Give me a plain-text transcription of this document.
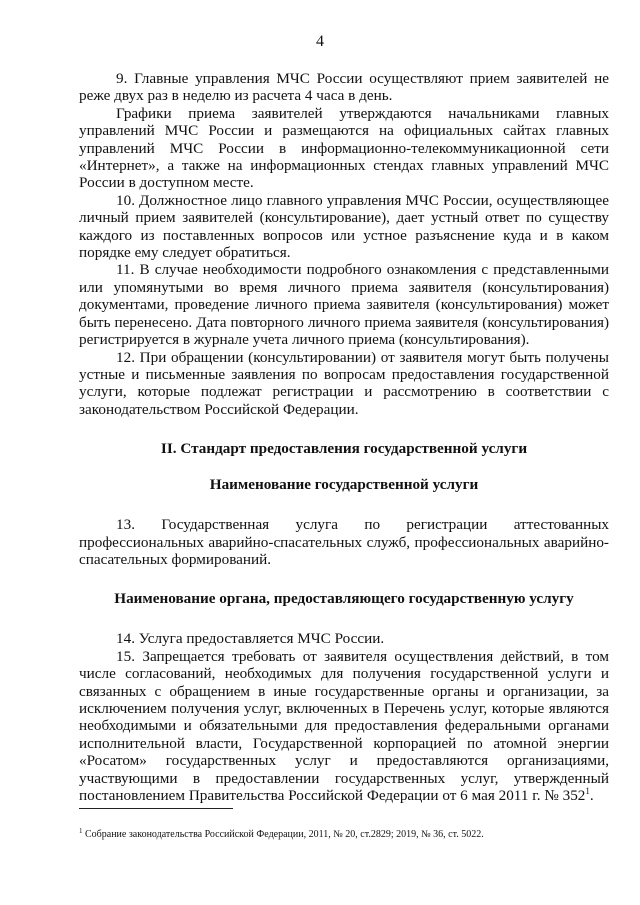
4

9. Главные управления МЧС России осуществляют прием заявителей не реже двух раз в неделю из расчета 4 часа в день.

Графики приема заявителей утверждаются начальниками главных управлений МЧС России и размещаются на официальных сайтах главных управлений МЧС России в информационно-телекоммуникационной сети «Интернет», а также на информационных стендах главных управлений МЧС России в доступном месте.

10. Должностное лицо главного управления МЧС России, осуществляющее личный прием заявителей (консультирование), дает устный ответ по существу каждого из поставленных вопросов или устное разъяснение куда и в каком порядке ему следует обратиться.

11. В случае необходимости подробного ознакомления с представленными или упомянутыми во время личного приема заявителя (консультирования) документами, проведение личного приема заявителя (консультирования) может быть перенесено. Дата повторного личного приема заявителя (консультирования) регистрируется в журнале учета личного приема (консультирования).

12. При обращении (консультировании) от заявителя могут быть получены устные и письменные заявления по вопросам предоставления государственной услуги, которые подлежат регистрации и рассмотрению в соответствии с законодательством Российской Федерации.

II. Стандарт предоставления государственной услуги
Наименование государственной услуги

13. Государственная услуга по регистрации аттестованных профессиональных аварийно-спасательных служб, профессиональных аварийно-спасательных формирований.

Наименование органа, предоставляющего государственную услугу

14. Услуга предоставляется МЧС России.

15. Запрещается требовать от заявителя осуществления действий, в том числе согласований, необходимых для получения государственной услуги и связанных с обращением в иные государственные органы и организации, за исключением получения услуг, включенных в Перечень услуг, которые являются необходимыми и обязательными для предоставления федеральными органами исполнительной власти, Государственной корпорацией по атомной энергии «Росатом» государственных услуг и предоставляются организациями, участвующими в предоставлении государственных услуг, утвержденный постановлением Правительства Российской Федерации от 6 мая 2011 г. № 352$^1$.

$^1$ Собрание законодательства Российской Федерации, 2011, № 20, ст.2829; 2019, № 36, ст. 5022.
